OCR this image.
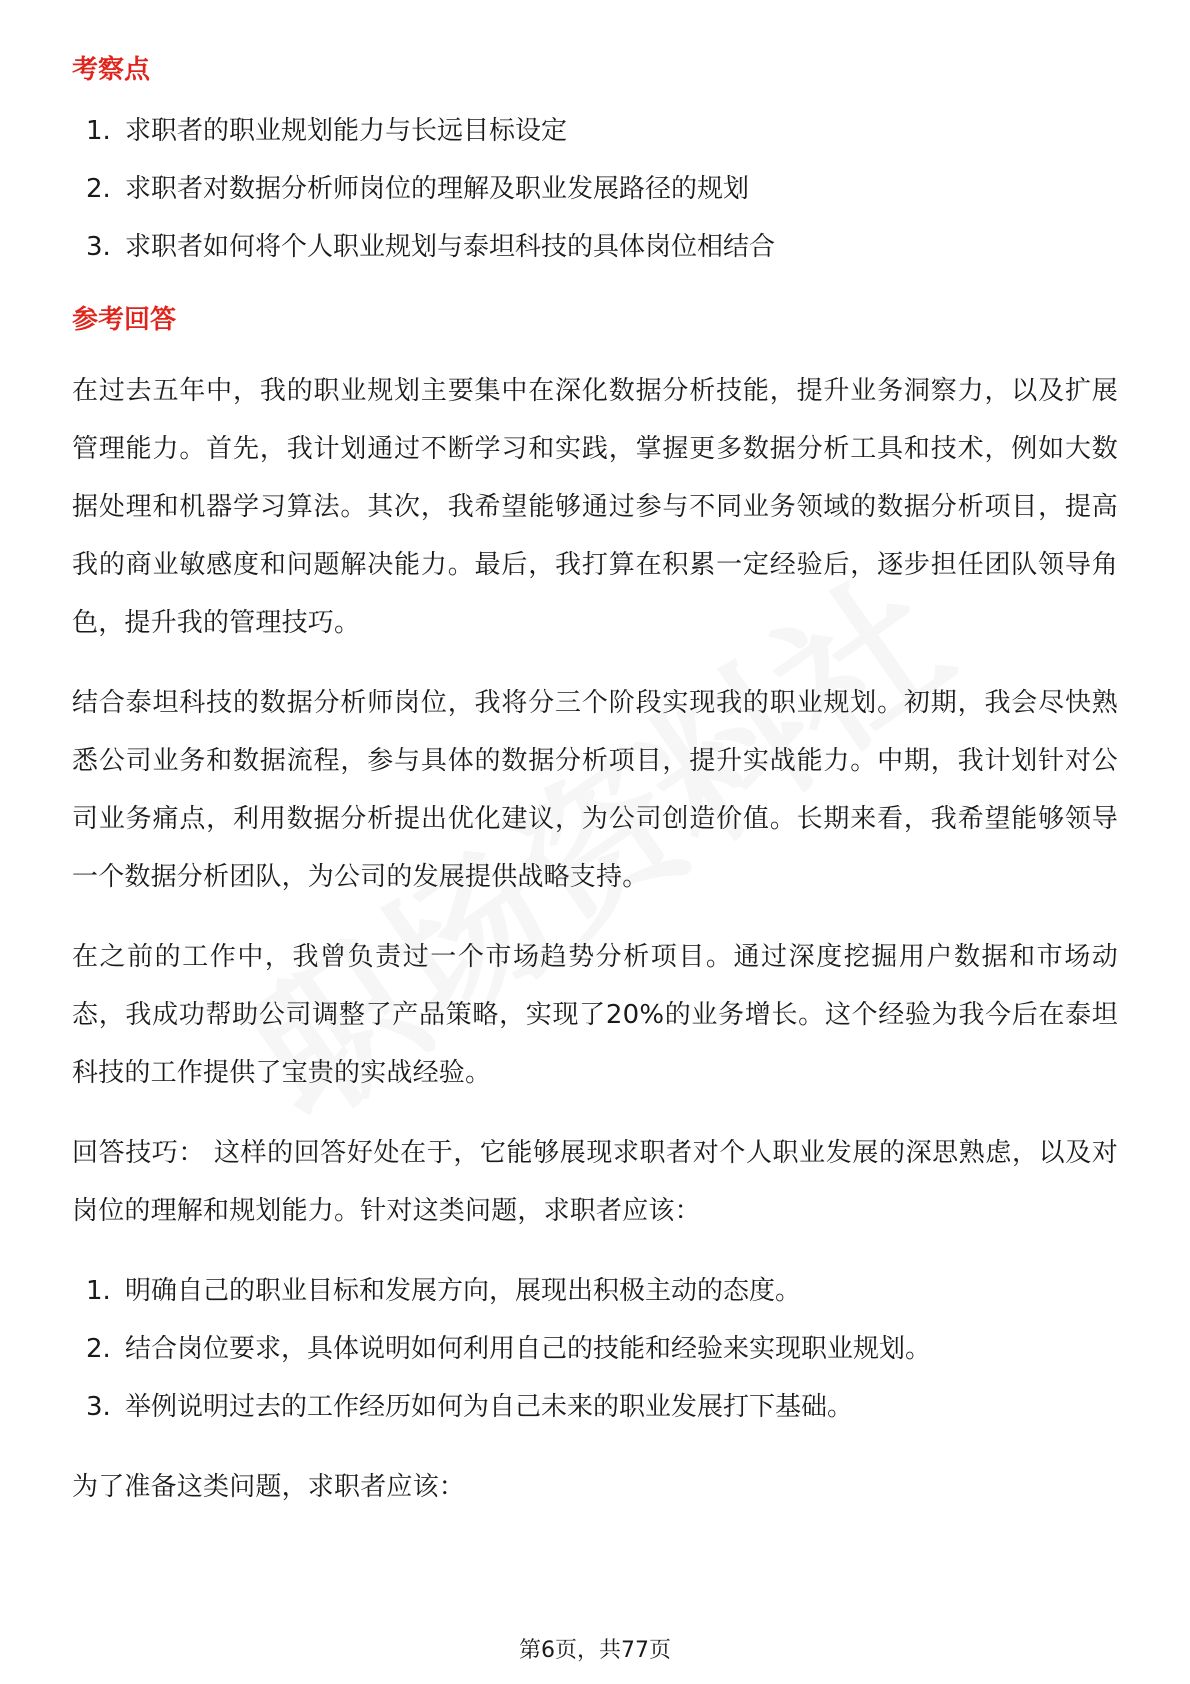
考察点
1. 求职者的职业规划能力与长远目标设定
2. 求职者对数据分析师岗位的理解及职业发展路径的规划
3. 求职者如何将个人职业规划与泰坦科技的具体岗位相结合
参考回答

在过去五年中，我的职业规划主要集中在深化数据分析技能，提升业务洞察力，以及扩展管理能力。首先，我计划通过不断学习和实践，掌握更多数据分析工具和技术，例如大数据处理和机器学习算法。其次，我希望能够通过参与不同业务领域的数据分析项目，提高我的商业敏感度和问题解决能力。最后，我打算在积累一定经验后，逐步担任团队领导角色，提升我的管理技巧。

结合泰坦科技的数据分析师岗位，我将分三个阶段实现我的职业规划。初期，我会尽快熟悉公司业务和数据流程，参与具体的数据分析项目，提升实战能力。中期，我计划针对公司业务痛点，利用数据分析提出优化建议，为公司创造价值。长期来看，我希望能够领导一个数据分析团队，为公司的发展提供战略支持。

在之前的工作中，我曾负责过一个市场趋势分析项目。通过深度挖掘用户数据和市场动态，我成功帮助公司调整了产品策略，实现了20%的业务增长。这个经验为我今后在泰坦科技的工作提供了宝贵的实战经验。

回答技巧： 这样的回答好处在于，它能够展现求职者对个人职业发展的深思熟虑，以及对岗位的理解和规划能力。针对这类问题，求职者应该：

1. 明确自己的职业目标和发展方向，展现出积极主动的态度。
2. 结合岗位要求，具体说明如何利用自己的技能和经验来实现职业规划。
3. 举例说明过去的工作经历如何为自己未来的职业发展打下基础。

为了准备这类问题，求职者应该：

第6页，共77页
